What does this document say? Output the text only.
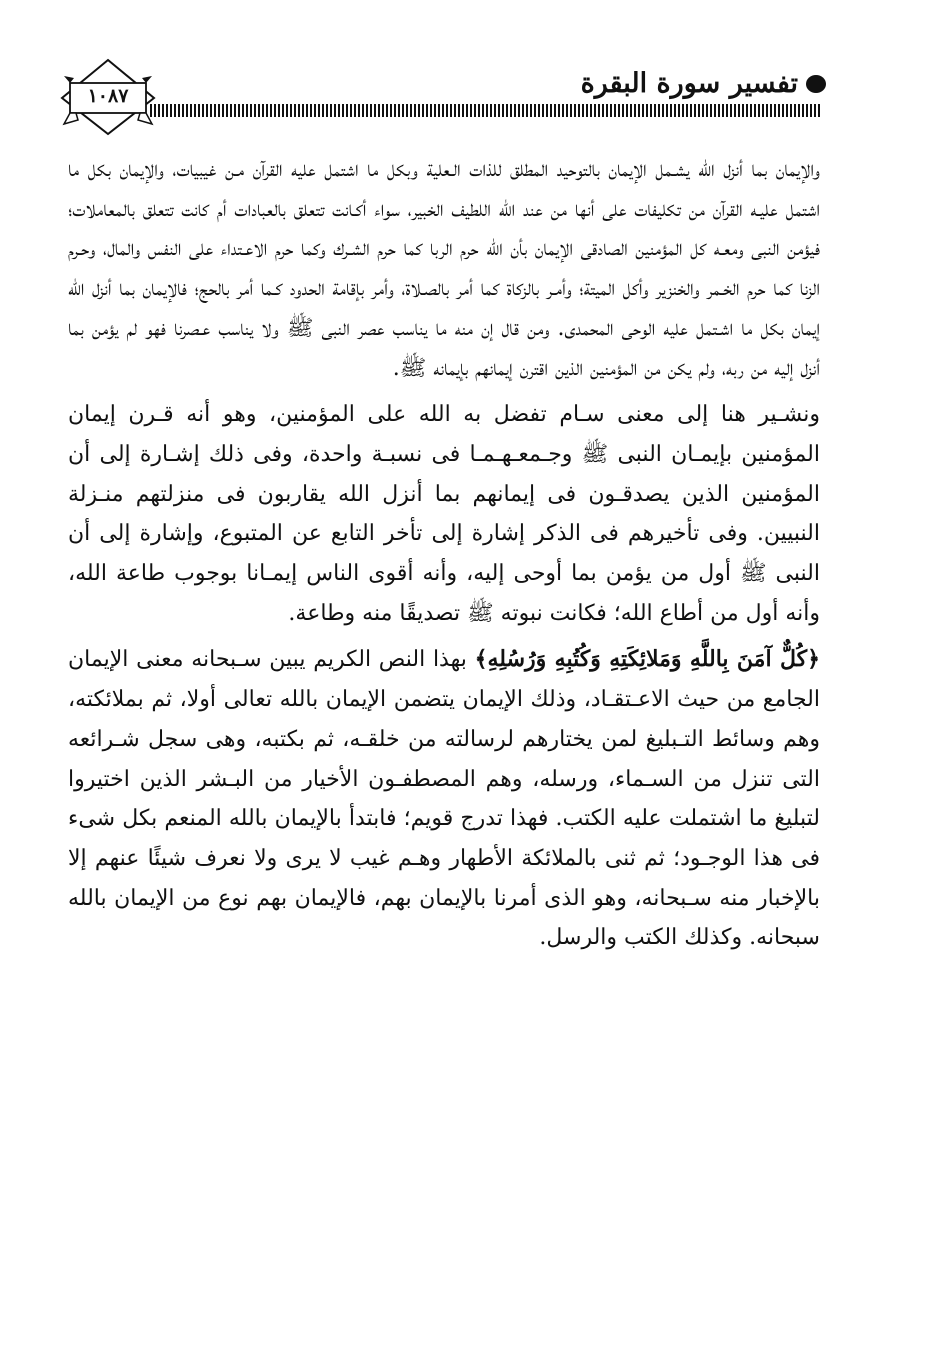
تفسير سورة البقرة
١٠٨٧

والإيمان بما أنزل الله يشـمل الإيمان بالتوحيد المطلق للذات الـعلية وبكل ما اشتمل عليه القرآن مـن غيبيات، والإيمان بكل ما اشتمل عليـه القرآن من تكليفات على أنها من عند الله اللطيف الخبير، سواء أكـانت تتعلق بالعبادات أم كانت تتعلق بالمعاملات؛ فيؤمن النبى ومعـه كل المؤمنين الصادقى الإيمان بأن الله حرم الربا كما حرم الشـرك وكما حرم الاعـتداء على النفس والمال، وحـرم الزنا كما حرم الخـمر والخنزير وأكل الميتة؛ وأمـر بالزكاة كما أمر بالصـلاة، وأمر بإقامة الحدود كـما أمر بالحج؛ فالإيمان بما أنزل الله إيمان بكل ما اشـتمل عليه الوحى المحمدى. ومن قال إن منه ما يناسب عصر النبى ﷺ ولا يناسب عـصرنا فهو لم يؤمن بما أنزل إليه من ربه، ولم يكن من المؤمنين الذين اقترن إيمانهم بإيمانه ﷺ.

ونشـير هنا إلى معنى سـام تفضل به الله على المؤمنين، وهو أنه قـرن إيمان المؤمنين بإيمـان النبى ﷺ وجـمعـهـمـا فى نسبـة واحدة، وفى ذلك إشـارة إلى أن المؤمنين الذين يصدقـون فى إيمانهم بما أنزل الله يقاربون فى منزلتهم منـزلة النبيين. وفى تأخيرهم فى الذكر إشارة إلى تأخر التابع عن المتبوع، وإشارة إلى أن النبى ﷺ أول من يؤمن بما أوحى إليه، وأنه أقوى الناس إيمـانا بوجوب طاعة الله، وأنه أول من أطاع الله؛ فكانت نبوته ﷺ تصديقًا منه وطاعة.

﴿كُلٌّ آمَنَ بِاللَّهِ وَمَلائِكَتِهِ وَكُتُبِهِ وَرُسُلِهِ﴾ بهذا النص الكريم يبين سـبحانه معنى الإيمان الجامع من حيث الاعـتقـاد، وذلك الإيمان يتضمن الإيمان بالله تعالى أولا، ثم بملائكته، وهم وسائط التـبليغ لمن يختارهم لرسالته من خلقـه، ثم بكتبه، وهى سجل شـرائعه التى تنزل من السـماء، ورسله، وهم المصطفـون الأخيار من البـشر الذين اختيروا لتبليغ ما اشتملت عليه الكتب. فهذا تدرج قويم؛ فابتدأ بالإيمان بالله المنعم بكل شىء فى هذا الوجـود؛ ثم ثنى بالملائكة الأطهار وهـم غيب لا يرى ولا نعرف شيئًا عنهم إلا بالإخبار منه سـبحانه، وهو الذى أمرنا بالإيمان بهم، فالإيمان بهم نوع من الإيمان بالله سبحانه. وكذلك الكتب والرسل.
